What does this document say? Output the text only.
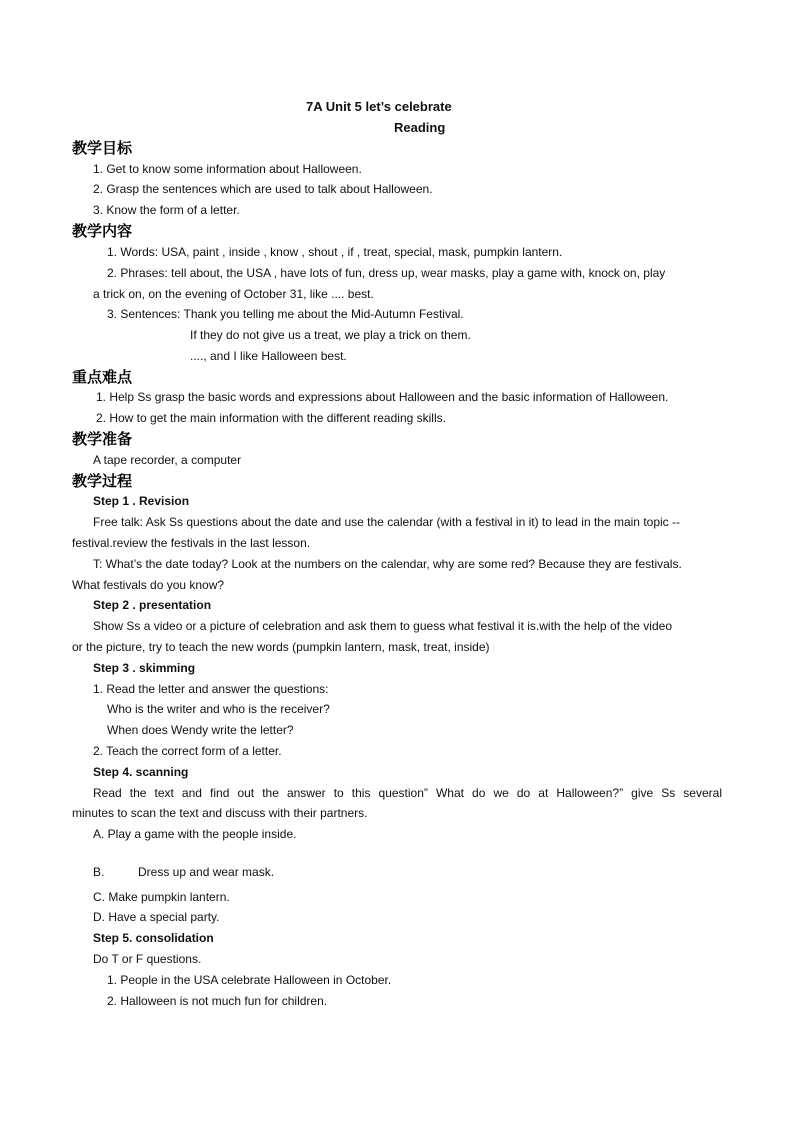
7A Unit 5 let’s celebrate
Reading
教学目标
1. Get to know some information about Halloween.
2. Grasp the sentences which are used to talk about Halloween.
3. Know the form of a letter.
教学内容
1. Words: USA, paint , inside , know , shout , if , treat, special, mask, pumpkin lantern.
2. Phrases: tell about, the USA , have lots of fun, dress up, wear masks, play a game with, knock on, play
a trick on, on the evening of October 31, like .... best.
3. Sentences: Thank you telling me about the Mid-Autumn Festival.
If they do not give us a treat, we play a trick on them.
...., and I like Halloween best.
重点难点
1. Help Ss grasp the basic words and expressions about Halloween and the basic information of Halloween.
2. How to get the main information with the different reading skills.
教学准备
A tape recorder, a computer
教学过程
Step 1 . Revision
Free talk: Ask Ss questions about the date and use the calendar (with a festival in it) to lead in the main topic --
festival.review the festivals in the last lesson.
T: What’s the date today? Look at the numbers on the calendar, why are some red? Because they are festivals.
What festivals do you know?
Step 2 . presentation
Show Ss a video or a picture of celebration and ask them to guess what festival it is.with the help of the video
or the picture, try to teach the new words (pumpkin lantern, mask, treat, inside)
Step 3 . skimming
1. Read the letter and answer the questions:
Who is the writer and who is the receiver?
When does Wendy write the letter?
2. Teach the correct form of a letter.
Step 4. scanning
Read the text and find out the answer to this question” What do we do at Halloween?” give Ss several
minutes to scan the text and discuss with their partners.
A. Play a game with the people inside.
B.	Dress up and wear mask.
C. Make pumpkin lantern.
D. Have a special party.
Step 5. consolidation
Do T or F questions.
1. People in the USA celebrate Halloween in October.
2. Halloween is not much fun for children.
